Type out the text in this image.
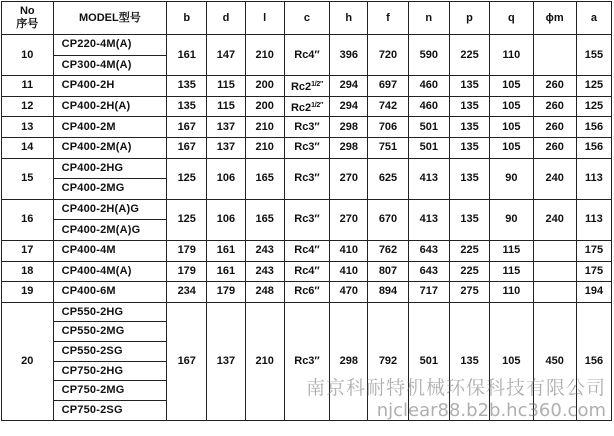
No
序号	MODEL型号	b	d	l	c	h	f	n	p	q	ϕm	a
10	CP220-4M(A)	161	147	210	Rc4″	396	720	590	225	110		155
	CP300-4M(A)											
11	CP400-2H	135	115	200	$Rc2^{1/2''}$	294	697	460	135	105	260	125
12	CP400-2H(A)	135	115	200	$Rc2^{1/2''}$	294	742	460	135	105	260	125
13	CP400-2M	167	137	210	Rc3″	298	706	501	135	105	260	156
14	CP400-2M(A)	167	137	210	Rc3″	298	751	501	135	105	260	156
15	CP400-2HG	125	106	165	Rc3″	270	625	413	135	90	240	113
	CP400-2MG											
16	CP400-2H(A)G	125	106	165	Rc3″	270	670	413	135	90	240	113
	CP400-2M(A)G											
17	CP400-4M	179	161	243	Rc4″	410	762	643	225	115		175
18	CP400-4M(A)	179	161	243	Rc4″	410	807	643	225	115		175
19	CP400-6M	234	179	248	Rc6″	470	894	717	275	110		194
20	CP550-2HG	167	137	210	Rc3″	298	792	501	135	105	450	156
	CP550-2MG											
	CP550-2SG											
	CP750-2HG											
	CP750-2MG											
	CP750-2SG											
南京科耐特机械环保科技有限公司
njclear88.b2b.hc360.com
